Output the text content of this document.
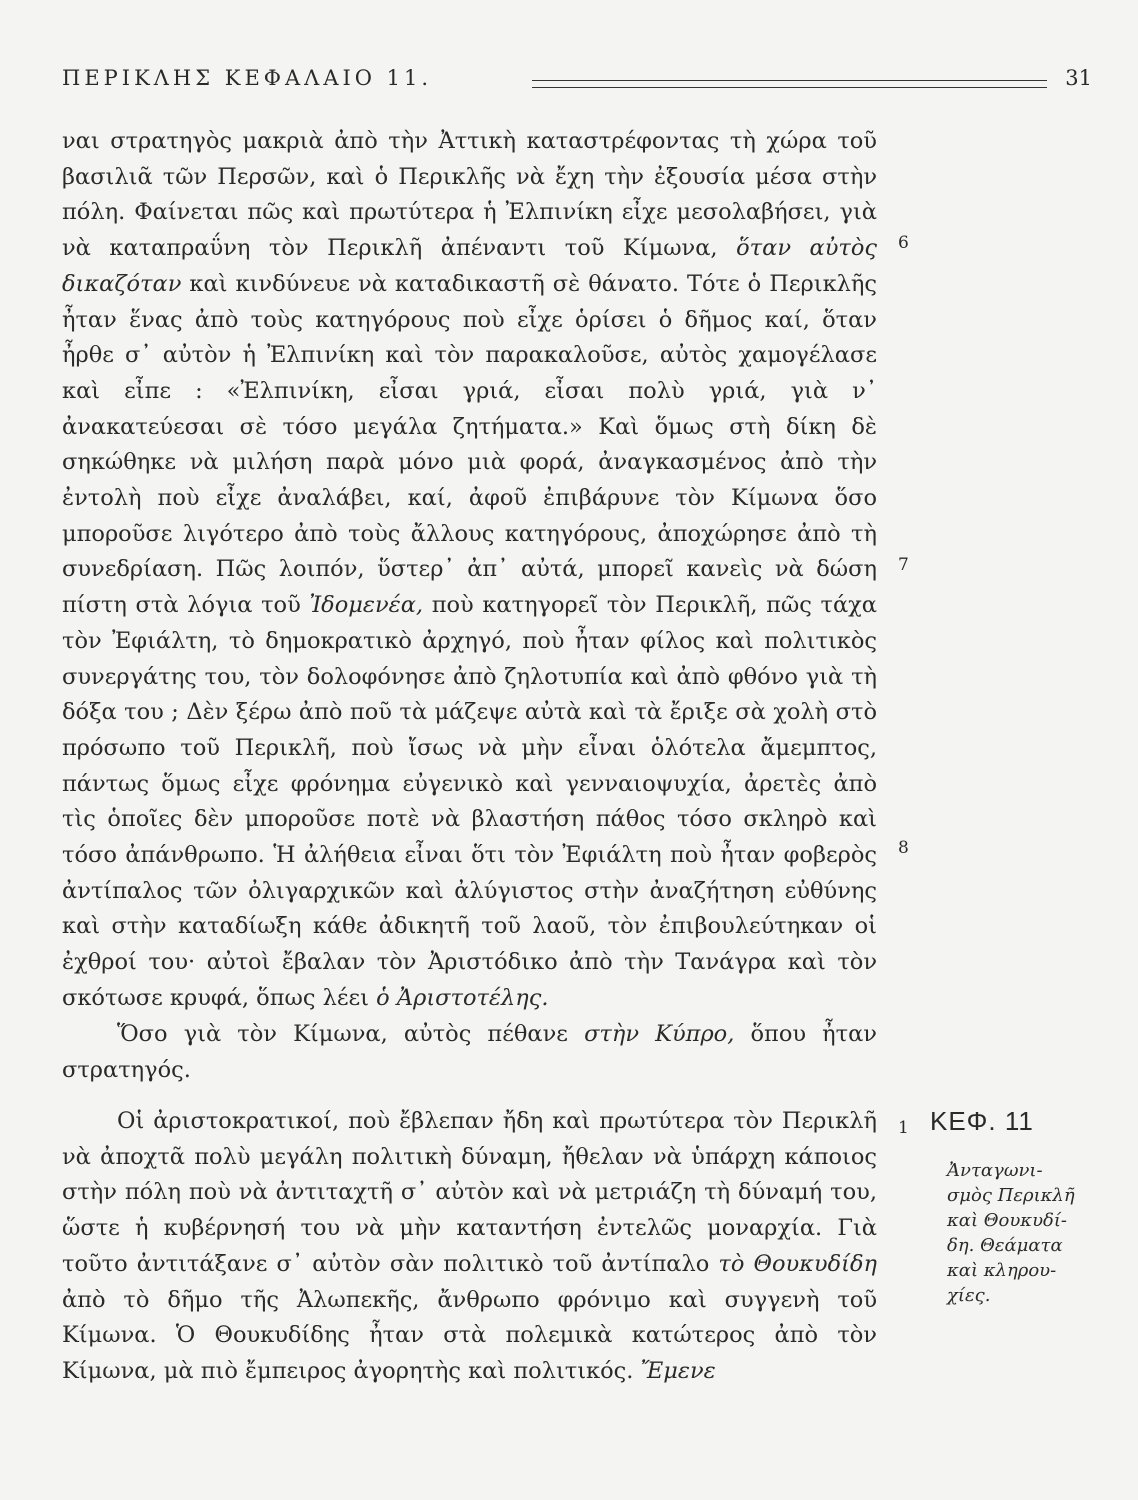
ΠΕΡΙΚΛΗΣ ΚΕΦΑΛΑΙΟ 11.	31

ναι στρατηγὸς μακριὰ ἀπὸ τὴν Ἀττικὴ καταστρέφοντας τὴ χώρα τοῦ βασιλιᾶ τῶν Περσῶν, καὶ ὁ Περικλῆς νὰ ἔχη τὴν ἐξουσία μέσα στὴν πόλη. Φαίνεται πῶς καὶ πρωτύτερα ἡ Ἐλπινίκη εἶχε μεσολαβήσει, γιὰ νὰ καταπραΰνη τὸν Περικλῆ ἀπέναντι τοῦ Κίμωνα, ὅταν αὐτὸς δικαζόταν καὶ κινδύνευε νὰ καταδικαστῆ σὲ θάνατο. Τότε ὁ Περικλῆς ἦταν ἕνας ἀπὸ τοὺς κατηγόρους ποὺ εἶχε ὁρίσει ὁ δῆμος καί, ὅταν ἦρθε σ᾽ αὐτὸν ἡ Ἐλπινίκη καὶ τὸν παρακαλοῦσε, αὐτὸς χαμογέλασε καὶ εἶπε : «Ἐλπινίκη, εἶσαι γριά, εἶσαι πολὺ γριά, γιὰ ν᾽ ἀνακατεύεσαι σὲ τόσο μεγάλα ζητήματα.» Καὶ ὅμως στὴ δίκη δὲ σηκώθηκε νὰ μιλήση παρὰ μόνο μιὰ φορά, ἀναγκασμένος ἀπὸ τὴν ἐντολὴ ποὺ εἶχε ἀναλάβει, καί, ἀφοῦ ἐπιβάρυνε τὸν Κίμωνα ὅσο μποροῦσε λιγότερο ἀπὸ τοὺς ἄλλους κατηγόρους, ἀποχώρησε ἀπὸ τὴ συνεδρίαση. Πῶς λοιπόν, ὕστερ᾽ ἀπ᾽ αὐτά, μπορεῖ κανεὶς νὰ δώση πίστη στὰ λόγια τοῦ Ἰδομενέα, ποὺ κατηγορεῖ τὸν Περικλῆ, πῶς τάχα τὸν Ἐφιάλτη, τὸ δημοκρατικὸ ἀρχηγό, ποὺ ἦταν φίλος καὶ πολιτικὸς συνεργάτης του, τὸν δολοφόνησε ἀπὸ ζηλοτυπία καὶ ἀπὸ φθόνο γιὰ τὴ δόξα του ; Δὲν ξέρω ἀπὸ ποῦ τὰ μάζεψε αὐτὰ καὶ τὰ ἔριξε σὰ χολὴ στὸ πρόσωπο τοῦ Περικλῆ, ποὺ ἴσως νὰ μὴν εἶναι ὁλότελα ἄμεμπτος, πάντως ὅμως εἶχε φρόνημα εὐγενικὸ καὶ γενναιοψυχία, ἀρετὲς ἀπὸ τὶς ὁποῖες δὲν μποροῦσε ποτὲ νὰ βλαστήση πάθος τόσο σκληρὸ καὶ τόσο ἀπάνθρωπο. Ἡ ἀλήθεια εἶναι ὅτι τὸν Ἐφιάλτη ποὺ ἦταν φοβερὸς ἀντίπαλος τῶν ὀλιγαρχικῶν καὶ ἀλύγιστος στὴν ἀναζήτηση εὐθύνης καὶ στὴν καταδίωξη κάθε ἀδικητῆ τοῦ λαοῦ, τὸν ἐπιβουλεύτηκαν οἱ ἐχθροί του· αὐτοὶ ἔβαλαν τὸν Ἀριστόδικο ἀπὸ τὴν Τανάγρα καὶ τὸν σκότωσε κρυφά, ὅπως λέει ὁ Ἀριστοτέλης.

Ὅσο γιὰ τὸν Κίμωνα, αὐτὸς πέθανε στὴν Κύπρο, ὅπου ἦταν στρατηγός.

Οἱ ἀριστοκρατικοί, ποὺ ἔβλεπαν ἤδη καὶ πρωτύτερα τὸν Περικλῆ νὰ ἀποχτᾶ πολὺ μεγάλη πολιτικὴ δύναμη, ἤθελαν νὰ ὑπάρχη κάποιος στὴν πόλη ποὺ νὰ ἀντιταχτῆ σ᾽ αὐτὸν καὶ νὰ μετριάζη τὴ δύναμή του, ὥστε ἡ κυβέρνησή του νὰ μὴν καταντήση ἐντελῶς μοναρχία. Γιὰ τοῦτο ἀντιτάξανε σ᾽ αὐτὸν σὰν πολιτικὸ τοῦ ἀντίπαλο τὸ Θουκυδίδη ἀπὸ τὸ δῆμο τῆς Ἀλωπεκῆς, ἄνθρωπο φρόνιμο καὶ συγγενὴ τοῦ Κίμωνα. Ὁ Θουκυδίδης ἦταν στὰ πολεμικὰ κατώτερος ἀπὸ τὸν Κίμωνα, μὰ πιὸ ἔμπειρος ἀγορητὴς καὶ πολιτικός. Ἔμενε

6
7
8
1 ΚΕΦ. 11
Ἀνταγωνι-
σμὸς Περικλῆ
καὶ Θουκυδί-
δη. Θεάματα
καὶ κληρου-
χίες.
